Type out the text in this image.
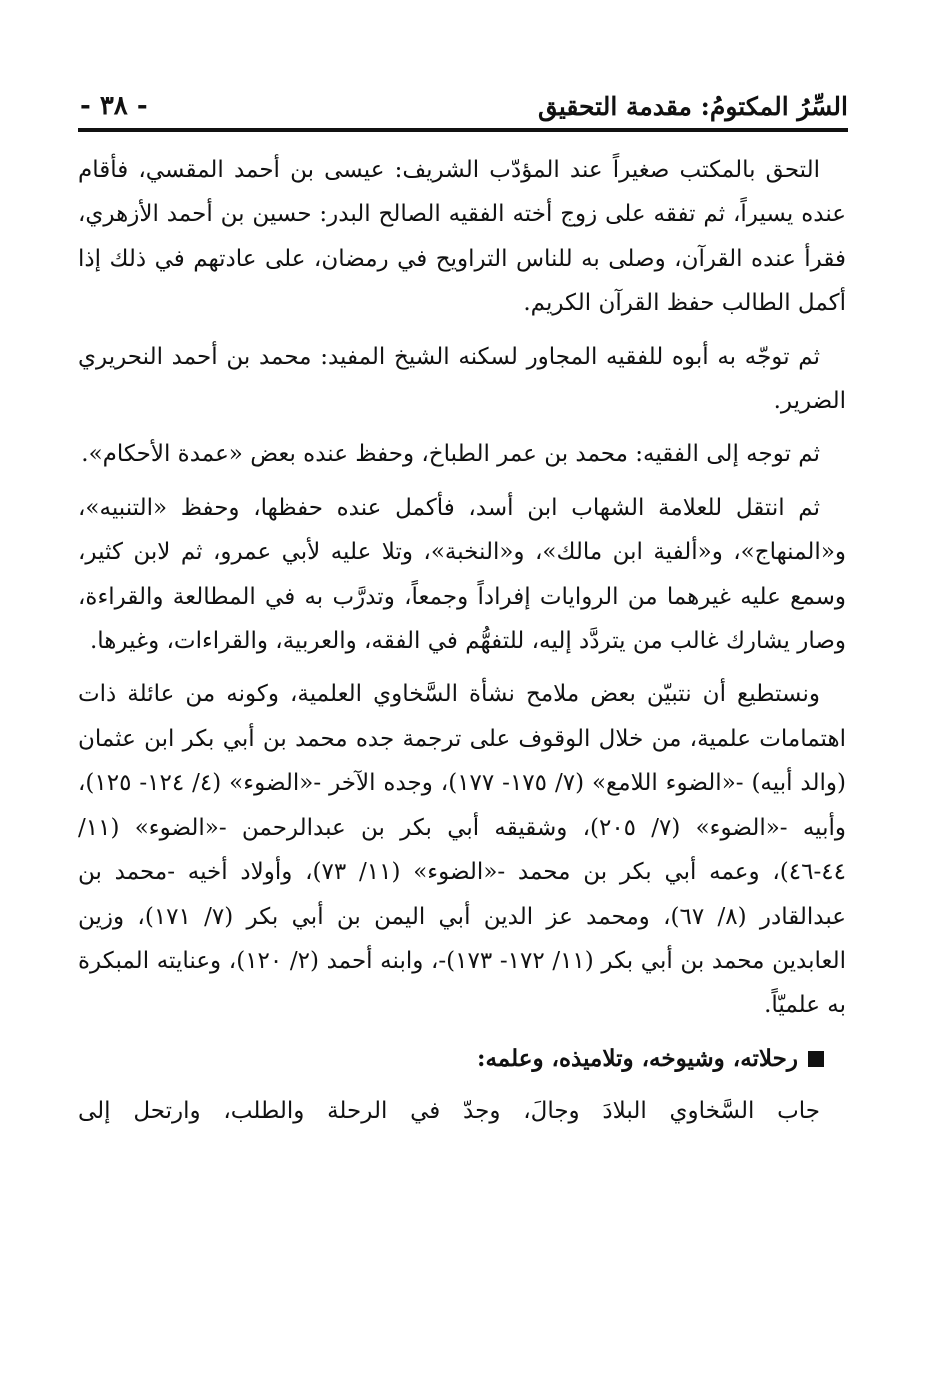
السِّرُ المكتومُ: مقدمة التحقيق
- ٣٨ -

التحق بالمكتب صغيراً عند المؤدّب الشريف: عيسى بن أحمد المقسي، فأقام عنده يسيراً، ثم تفقه على زوج أخته الفقيه الصالح البدر: حسين بن أحمد الأزهري، فقرأ عنده القرآن، وصلى به للناس التراويح في رمضان، على عادتهم في ذلك إذا أكمل الطالب حفظ القرآن الكريم.

ثم توجّه به أبوه للفقيه المجاور لسكنه الشيخ المفيد: محمد بن أحمد النحريري الضرير.

ثم توجه إلى الفقيه: محمد بن عمر الطباخ، وحفظ عنده بعض «عمدة الأحكام».

ثم انتقل للعلامة الشهاب ابن أسد، فأكمل عنده حفظها، وحفظ «التنبيه»، و«المنهاج»، و«ألفية ابن مالك»، و«النخبة»، وتلا عليه لأبي عمرو، ثم لابن كثير، وسمع عليه غيرهما من الروايات إفراداً وجمعاً، وتدرَّب به في المطالعة والقراءة، وصار يشارك غالب من يتردَّد إليه، للتفهُّم في الفقه، والعربية، والقراءات، وغيرها.

ونستطيع أن نتبيّن بعض ملامح نشأة السَّخاوي العلمية، وكونه من عائلة ذات اهتمامات علمية، من خلال الوقوف على ترجمة جده محمد بن أبي بكر ابن عثمان (والد أبيه) -«الضوء اللامع» (٧/ ١٧٥- ١٧٧)، وجده الآخر -«الضوء» (٤/ ١٢٤- ١٢٥)، وأبيه -«الضوء» (٧/ ٢٠٥)، وشقيقه أبي بكر بن عبدالرحمن -«الضوء» (١١/ ٤٤-٤٦)، وعمه أبي بكر بن محمد -«الضوء» (١١/ ٧٣)، وأولاد أخيه -محمد بن عبدالقادر (٨/ ٦٧)، ومحمد عز الدين أبي اليمن بن أبي بكر (٧/ ١٧١)، وزين العابدين محمد بن أبي بكر (١١/ ١٧٢- ١٧٣)-، وابنه أحمد (٢/ ١٢٠)، وعنايته المبكرة به علميّاً.

رحلاته، وشيوخه، وتلاميذه، وعلمه:

جاب السَّخاوي البلادَ وجالَ، وجدّ في الرحلة والطلب، وارتحل إلى
